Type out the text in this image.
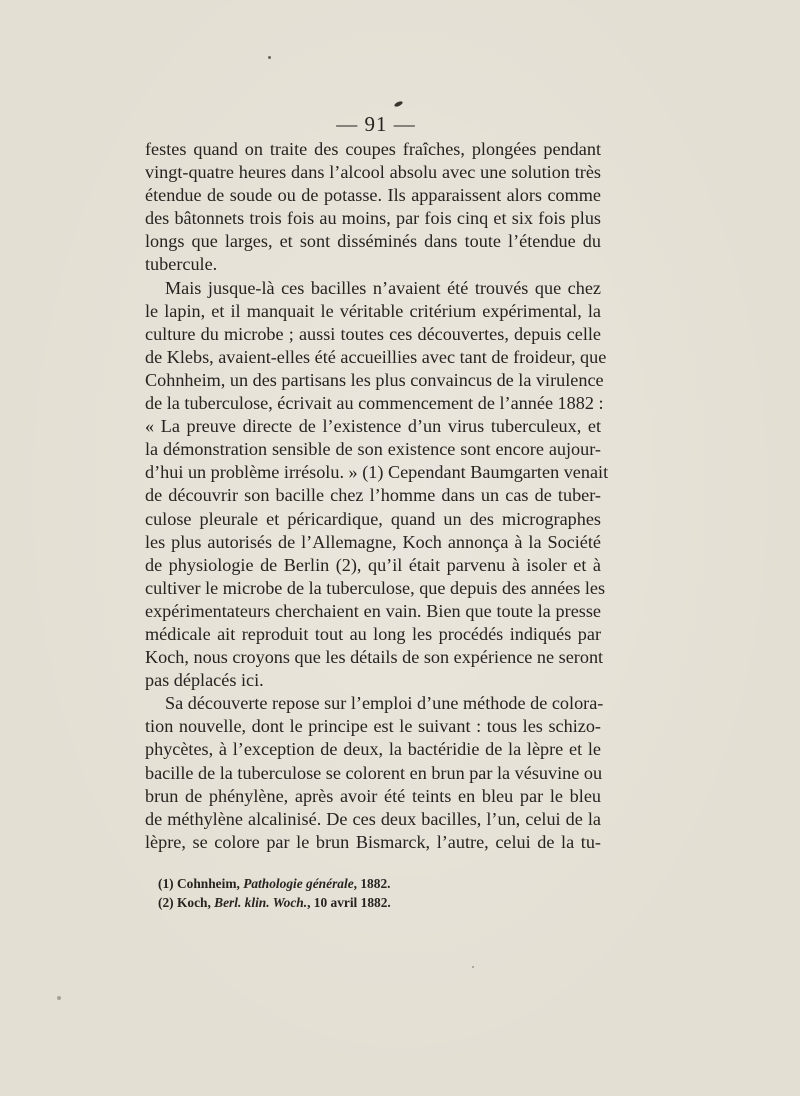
— 91 —
festes quand on traite des coupes fraîches, plongées pendant
vingt-quatre heures dans l’alcool absolu avec une solution très
étendue de soude ou de potasse. Ils apparaissent alors comme
des bâtonnets trois fois au moins, par fois cinq et six fois plus
longs que larges, et sont disséminés dans toute l’étendue du
tubercule.
Mais jusque-là ces bacilles n’avaient été trouvés que chez
le lapin, et il manquait le véritable critérium expérimental, la
culture du microbe ; aussi toutes ces découvertes, depuis celle
de Klebs, avaient-elles été accueillies avec tant de froideur, que
Cohnheim, un des partisans les plus convaincus de la virulence
de la tuberculose, écrivait au commencement de l’année 1882 :
« La preuve directe de l’existence d’un virus tuberculeux, et
la démonstration sensible de son existence sont encore aujour-
d’hui un problème irrésolu. » (1) Cependant Baumgarten venait
de découvrir son bacille chez l’homme dans un cas de tuber-
culose pleurale et péricardique, quand un des micrographes
les plus autorisés de l’Allemagne, Koch annonça à la Société
de physiologie de Berlin (2), qu’il était parvenu à isoler et à
cultiver le microbe de la tuberculose, que depuis des années les
expérimentateurs cherchaient en vain. Bien que toute la presse
médicale ait reproduit tout au long les procédés indiqués par
Koch, nous croyons que les détails de son expérience ne seront
pas déplacés ici.
Sa découverte repose sur l’emploi d’une méthode de colora-
tion nouvelle, dont le principe est le suivant : tous les schizo-
phycètes, à l’exception de deux, la bactéridie de la lèpre et le
bacille de la tuberculose se colorent en brun par la vésuvine ou
brun de phénylène, après avoir été teints en bleu par le bleu
de méthylène alcalinisé. De ces deux bacilles, l’un, celui de la
lèpre, se colore par le brun Bismarck, l’autre, celui de la tu-
(1) Cohnheim, Pathologie générale, 1882.
(2) Koch, Berl. klin. Woch., 10 avril 1882.
